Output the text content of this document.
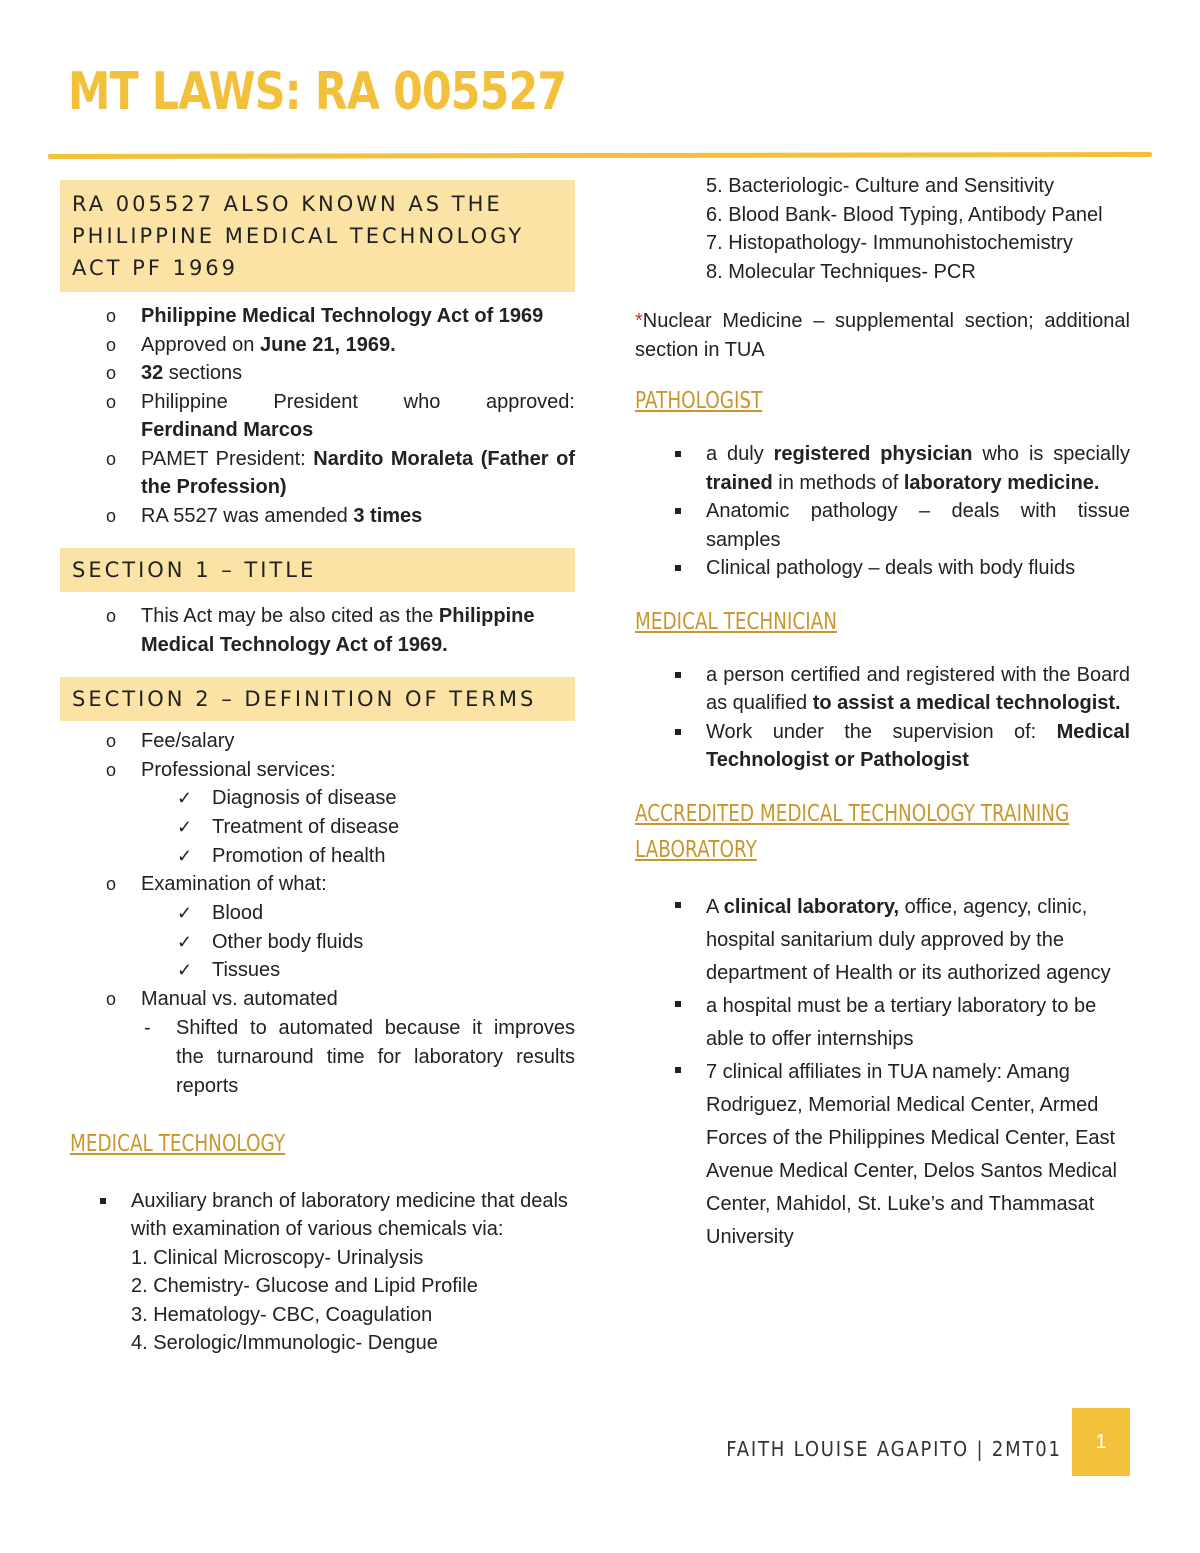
MT LAWS: RA 005527
RA 005527 ALSO KNOWN AS THE
PHILIPPINE MEDICAL TECHNOLOGY
ACT PF 1969
o Philippine Medical Technology Act of 1969
o Approved on June 21, 1969.
o 32 sections
o Philippine President who approved: Ferdinand Marcos
o PAMET President: Nardito Moraleta (Father of the Profession)
o RA 5527 was amended 3 times
SECTION 1 – TITLE
o This Act may be also cited as the Philippine Medical Technology Act of 1969.
SECTION 2 – DEFINITION OF TERMS
o Fee/salary
o Professional services:
✓ Diagnosis of disease
✓ Treatment of disease
✓ Promotion of health
o Examination of what:
✓ Blood
✓ Other body fluids
✓ Tissues
o Manual vs. automated
- Shifted to automated because it improves the turnaround time for laboratory results reports
MEDICAL TECHNOLOGY
Auxiliary branch of laboratory medicine that deals with examination of various chemicals via:
1. Clinical Microscopy- Urinalysis
2. Chemistry- Glucose and Lipid Profile
3. Hematology- CBC, Coagulation
4. Serologic/Immunologic- Dengue
5. Bacteriologic- Culture and Sensitivity
6. Blood Bank- Blood Typing, Antibody Panel
7. Histopathology- Immunohistochemistry
8. Molecular Techniques- PCR
*Nuclear Medicine – supplemental section; additional section in TUA
PATHOLOGIST
a duly registered physician who is specially trained in methods of laboratory medicine.
Anatomic pathology – deals with tissue samples
Clinical pathology – deals with body fluids
MEDICAL TECHNICIAN
a person certified and registered with the Board as qualified to assist a medical technologist.
Work under the supervision of: Medical Technologist or Pathologist
ACCREDITED MEDICAL TECHNOLOGY TRAINING
LABORATORY
A clinical laboratory, office, agency, clinic, hospital sanitarium duly approved by the department of Health or its authorized agency
a hospital must be a tertiary laboratory to be able to offer internships
7 clinical affiliates in TUA namely: Amang Rodriguez, Memorial Medical Center, Armed Forces of the Philippines Medical Center, East Avenue Medical Center, Delos Santos Medical Center, Mahidol, St. Luke’s and Thammasat University
FAITH LOUISE AGAPITO | 2MT01	1
